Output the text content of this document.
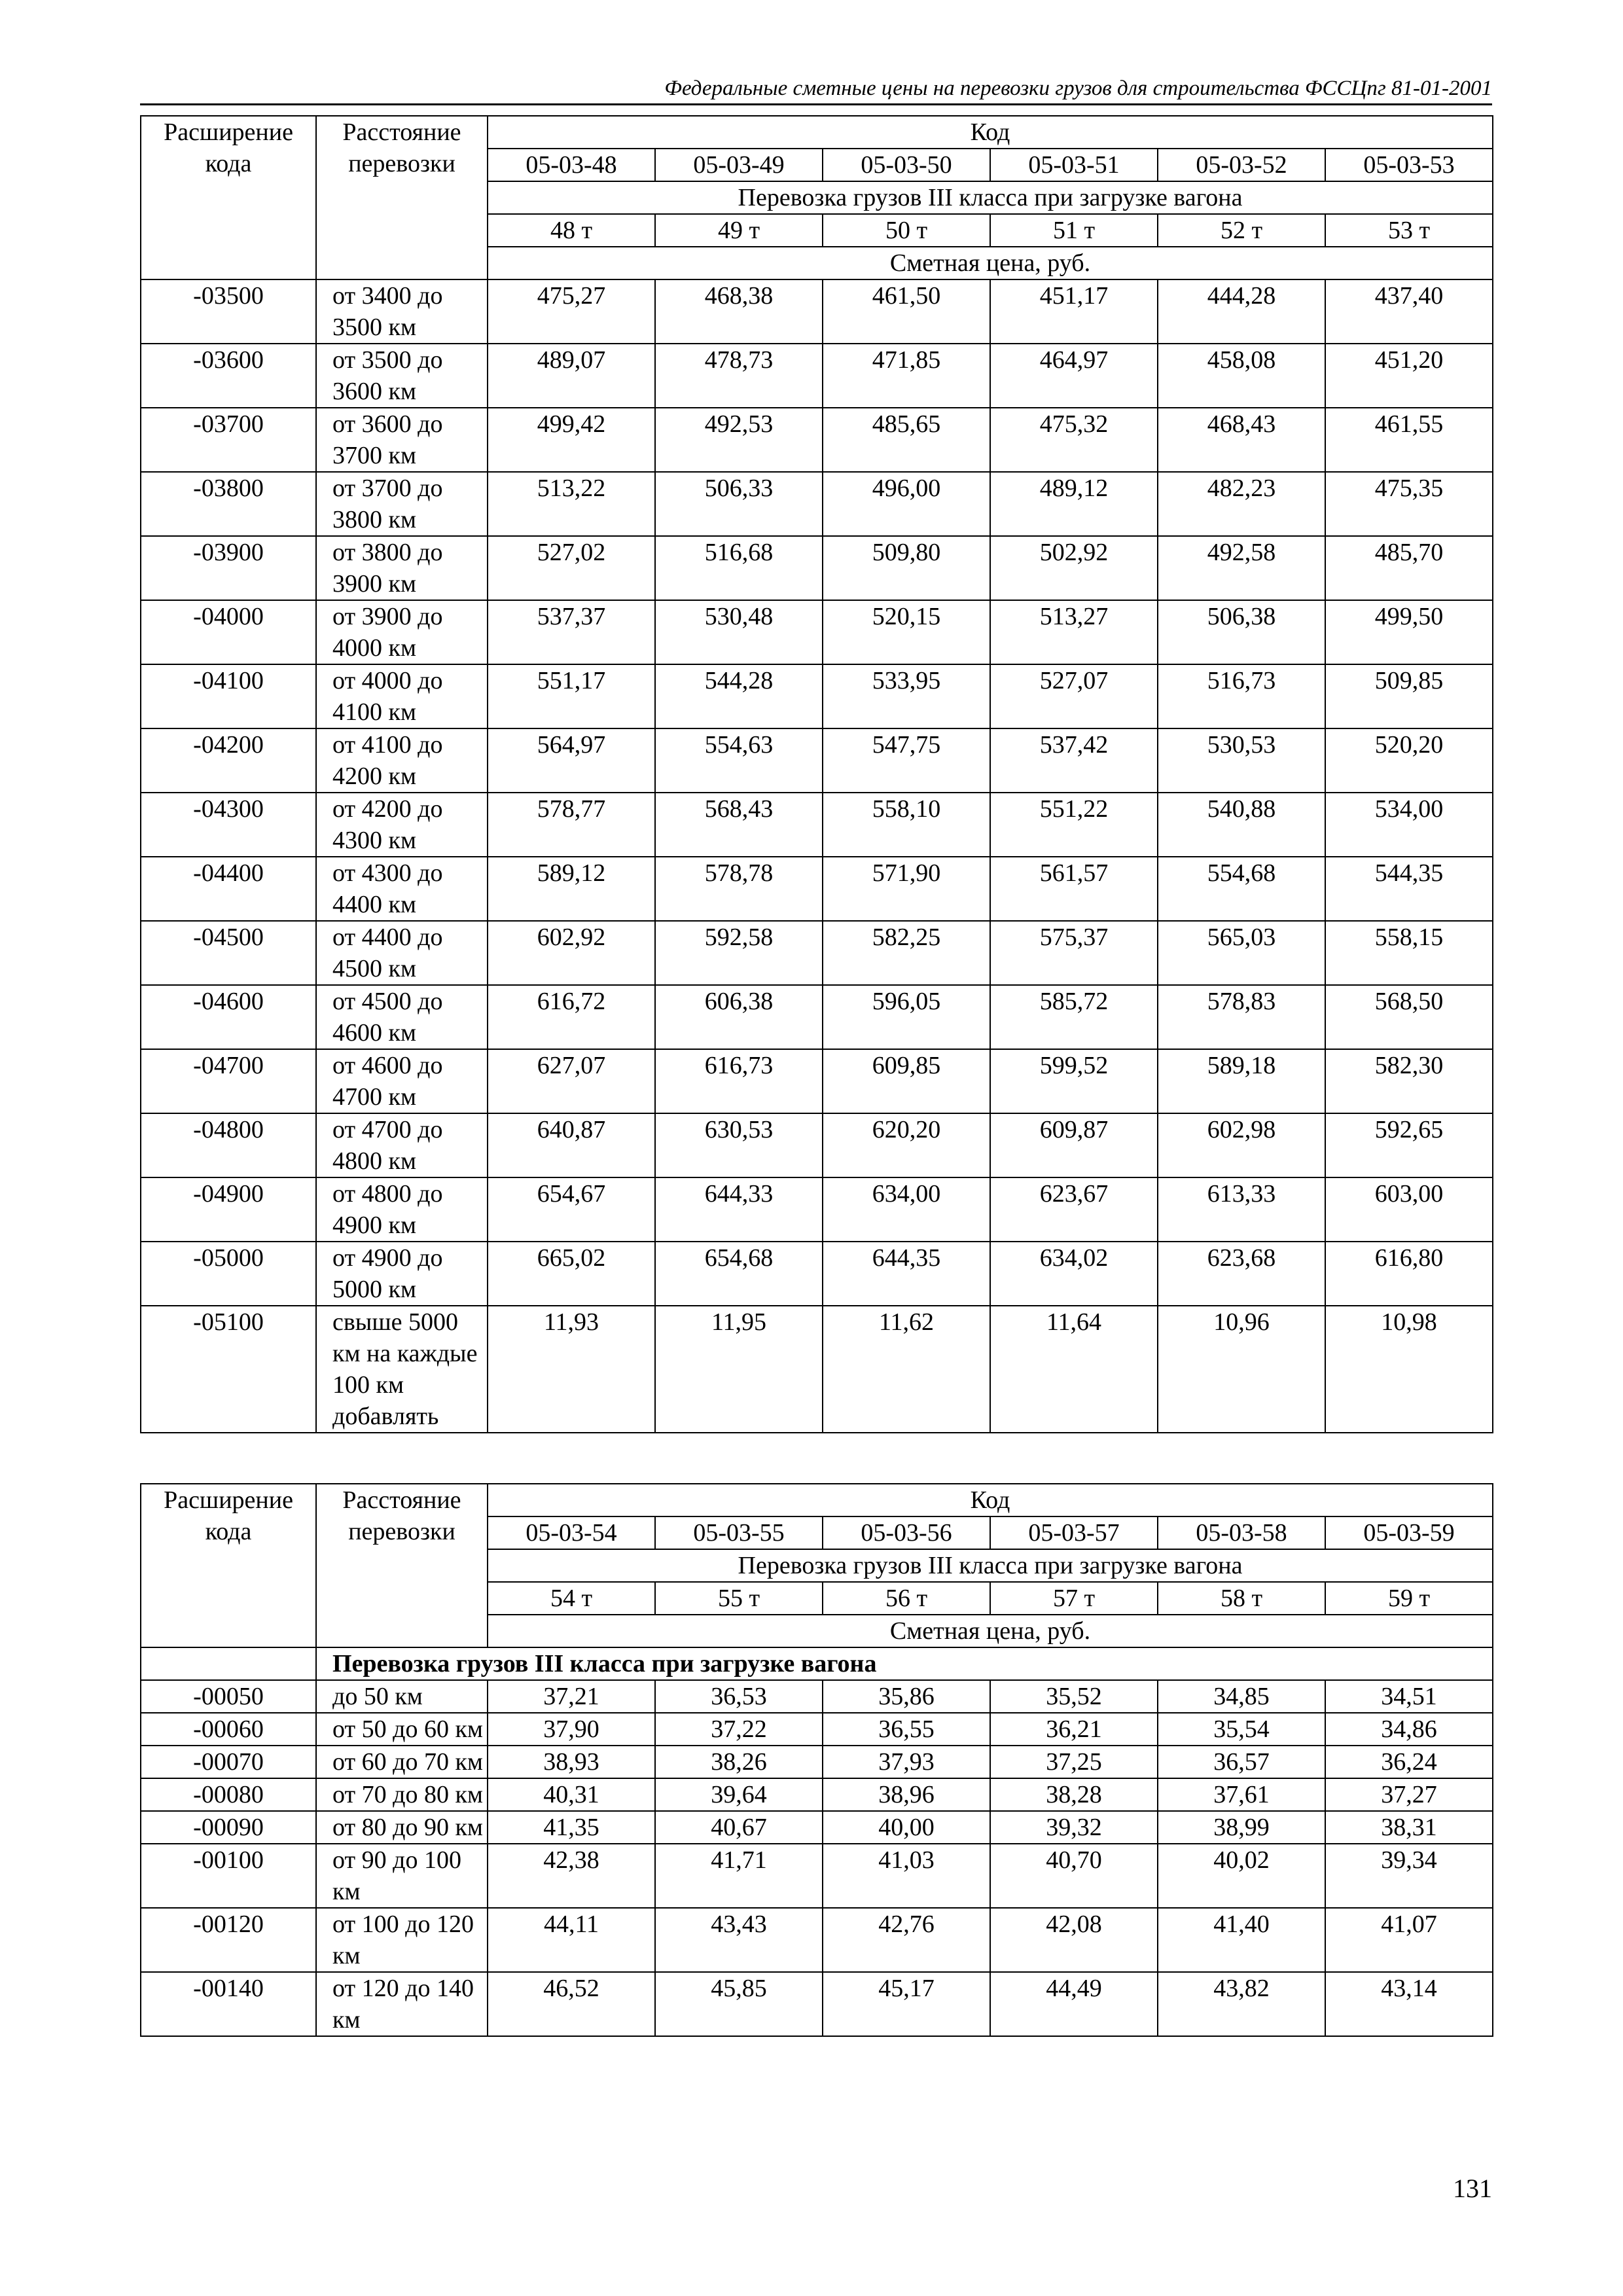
Федеральные сметные цены на перевозки грузов для строительства ФССЦпг 81-01-2001
Расширение кода	Расстояние перевозки	Код					
		05-03-48	05-03-49	05-03-50	05-03-51	05-03-52	05-03-53
		Перевозка грузов III класса при загрузке вагона					
		48 т	49 т	50 т	51 т	52 т	53 т
		Сметная цена, руб.					
-03500	от 3400 до 3500 км	475,27	468,38	461,50	451,17	444,28	437,40
-03600	от 3500 до 3600 км	489,07	478,73	471,85	464,97	458,08	451,20
-03700	от 3600 до 3700 км	499,42	492,53	485,65	475,32	468,43	461,55
-03800	от 3700 до 3800 км	513,22	506,33	496,00	489,12	482,23	475,35
-03900	от 3800 до 3900 км	527,02	516,68	509,80	502,92	492,58	485,70
-04000	от 3900 до 4000 км	537,37	530,48	520,15	513,27	506,38	499,50
-04100	от 4000 до 4100 км	551,17	544,28	533,95	527,07	516,73	509,85
-04200	от 4100 до 4200 км	564,97	554,63	547,75	537,42	530,53	520,20
-04300	от 4200 до 4300 км	578,77	568,43	558,10	551,22	540,88	534,00
-04400	от 4300 до 4400 км	589,12	578,78	571,90	561,57	554,68	544,35
-04500	от 4400 до 4500 км	602,92	592,58	582,25	575,37	565,03	558,15
-04600	от 4500 до 4600 км	616,72	606,38	596,05	585,72	578,83	568,50
-04700	от 4600 до 4700 км	627,07	616,73	609,85	599,52	589,18	582,30
-04800	от 4700 до 4800 км	640,87	630,53	620,20	609,87	602,98	592,65
-04900	от 4800 до 4900 км	654,67	644,33	634,00	623,67	613,33	603,00
-05000	от 4900 до 5000 км	665,02	654,68	644,35	634,02	623,68	616,80
-05100	свыше 5000 км на каждые 100 км добавлять	11,93	11,95	11,62	11,64	10,96	10,98
Расширение кода	Расстояние перевозки	Код					
		05-03-54	05-03-55	05-03-56	05-03-57	05-03-58	05-03-59
		Перевозка грузов III класса при загрузке вагона					
		54 т	55 т	56 т	57 т	58 т	59 т
		Сметная цена, руб.					
	Перевозка грузов III класса при загрузке вагона						
-00050	до 50 км	37,21	36,53	35,86	35,52	34,85	34,51
-00060	от 50 до 60 км	37,90	37,22	36,55	36,21	35,54	34,86
-00070	от 60 до 70 км	38,93	38,26	37,93	37,25	36,57	36,24
-00080	от 70 до 80 км	40,31	39,64	38,96	38,28	37,61	37,27
-00090	от 80 до 90 км	41,35	40,67	40,00	39,32	38,99	38,31
-00100	от 90 до 100 км	42,38	41,71	41,03	40,70	40,02	39,34
-00120	от 100 до 120 км	44,11	43,43	42,76	42,08	41,40	41,07
-00140	от 120 до 140 км	46,52	45,85	45,17	44,49	43,82	43,14
131
